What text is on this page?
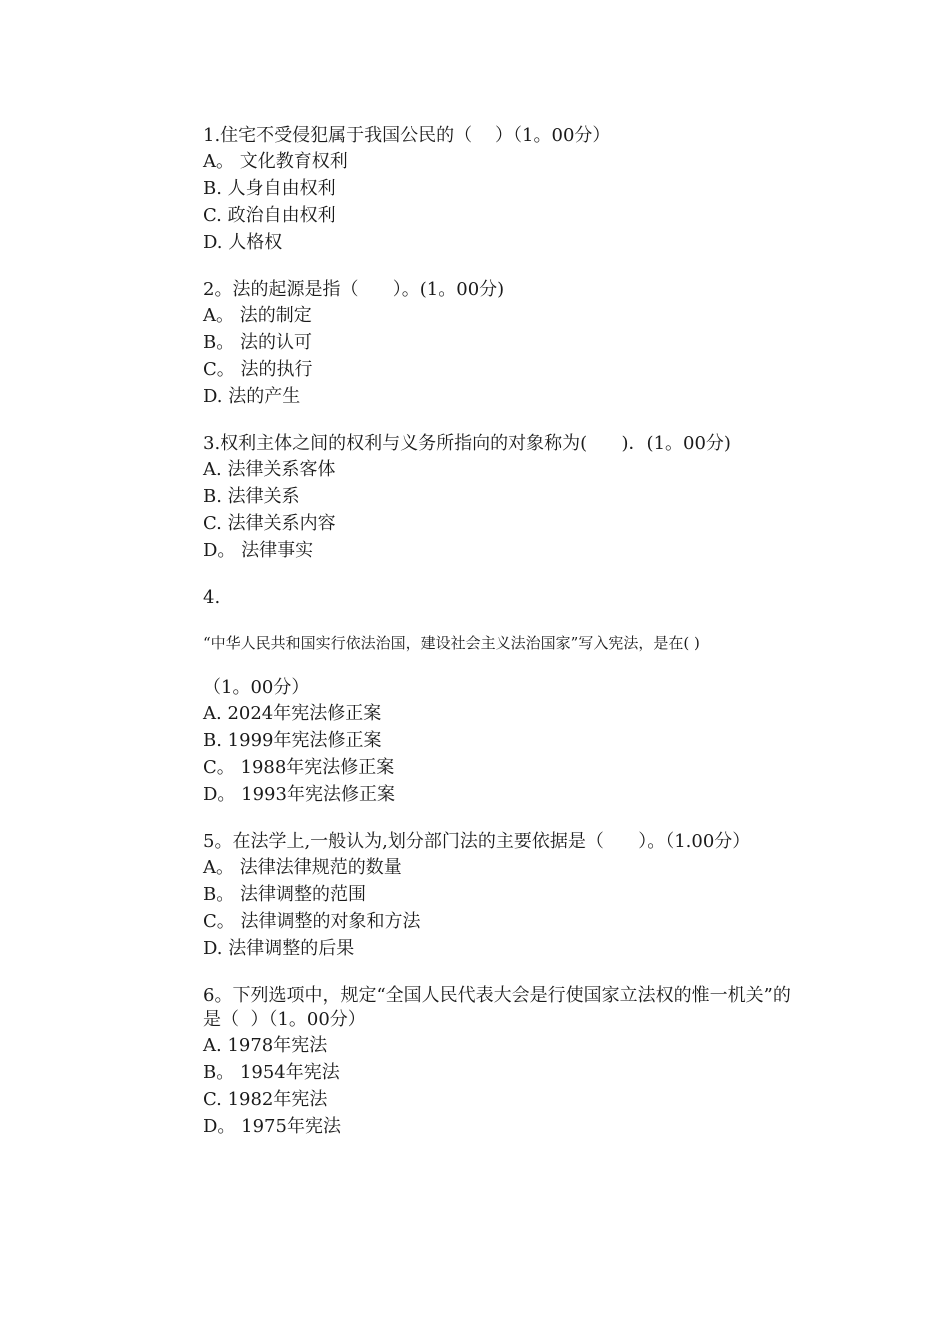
1.住宅不受侵犯属于我国公民的（    ）（1。00分）

A。 文化教育权利

B. 人身自由权利

C. 政治自由权利

D. 人格权

2。法的起源是指（      ）。(1。00分)

A。 法的制定

B。 法的认可

C。 法的执行

D. 法的产生

3.权利主体之间的权利与义务所指向的对象称为(      )．(1。00分)

A. 法律关系客体

B. 法律关系

C. 法律关系内容

D。 法律事实

4.

“中华人民共和国实行依法治国，建设社会主义法治国家”写入宪法，是在( )

（1。00分）

A. 2024年宪法修正案

B. 1999年宪法修正案

C。 1988年宪法修正案

D。 1993年宪法修正案

5。在法学上,一般认为,划分部门法的主要依据是（      ）。（1.00分）

A。 法律法律规范的数量

B。 法律调整的范围

C。 法律调整的对象和方法

D. 法律调整的后果

6。下列选项中，规定“全国人民代表大会是行使国家立法权的惟一机关”的是（  ）（1。00分）

A. 1978年宪法

B。 1954年宪法

C. 1982年宪法

D。 1975年宪法
